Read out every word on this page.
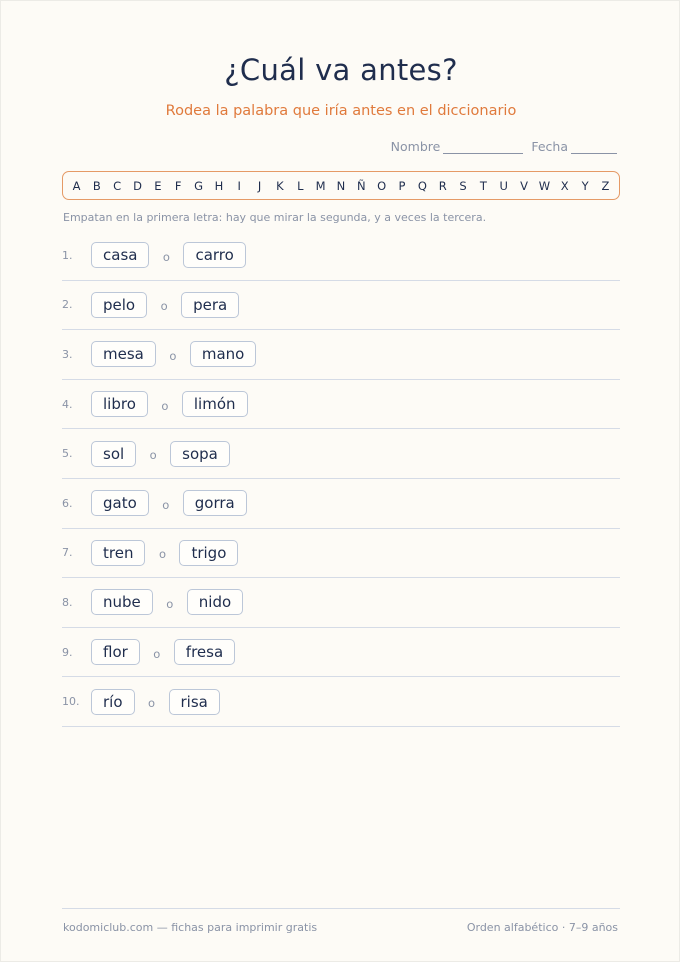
¿Cuál va antes?
Rodea la palabra que iría antes en el diccionario
Nombre	Fecha
A	B	C	D	E	F	G H	I	J	K	L	M N Ñ O	P	Q	R	S	T	U	V W X	Y	Z
Empatan en la primera letra: hay que mirar la segunda, y a veces la tercera.
1.	casa	o	carro
2.	pelo	o	pera
3.	mesa	o	mano
4.	libro	o	limón
5.	sol	o	sopa
6.	gato	o	gorra
7.	tren	o	trigo
8.	nube	o	nido
9.	flor	o	fresa
10.	río	o	risa
kodomiclub.com — fichas para imprimir gratis	Orden alfabético · 7–9 años
